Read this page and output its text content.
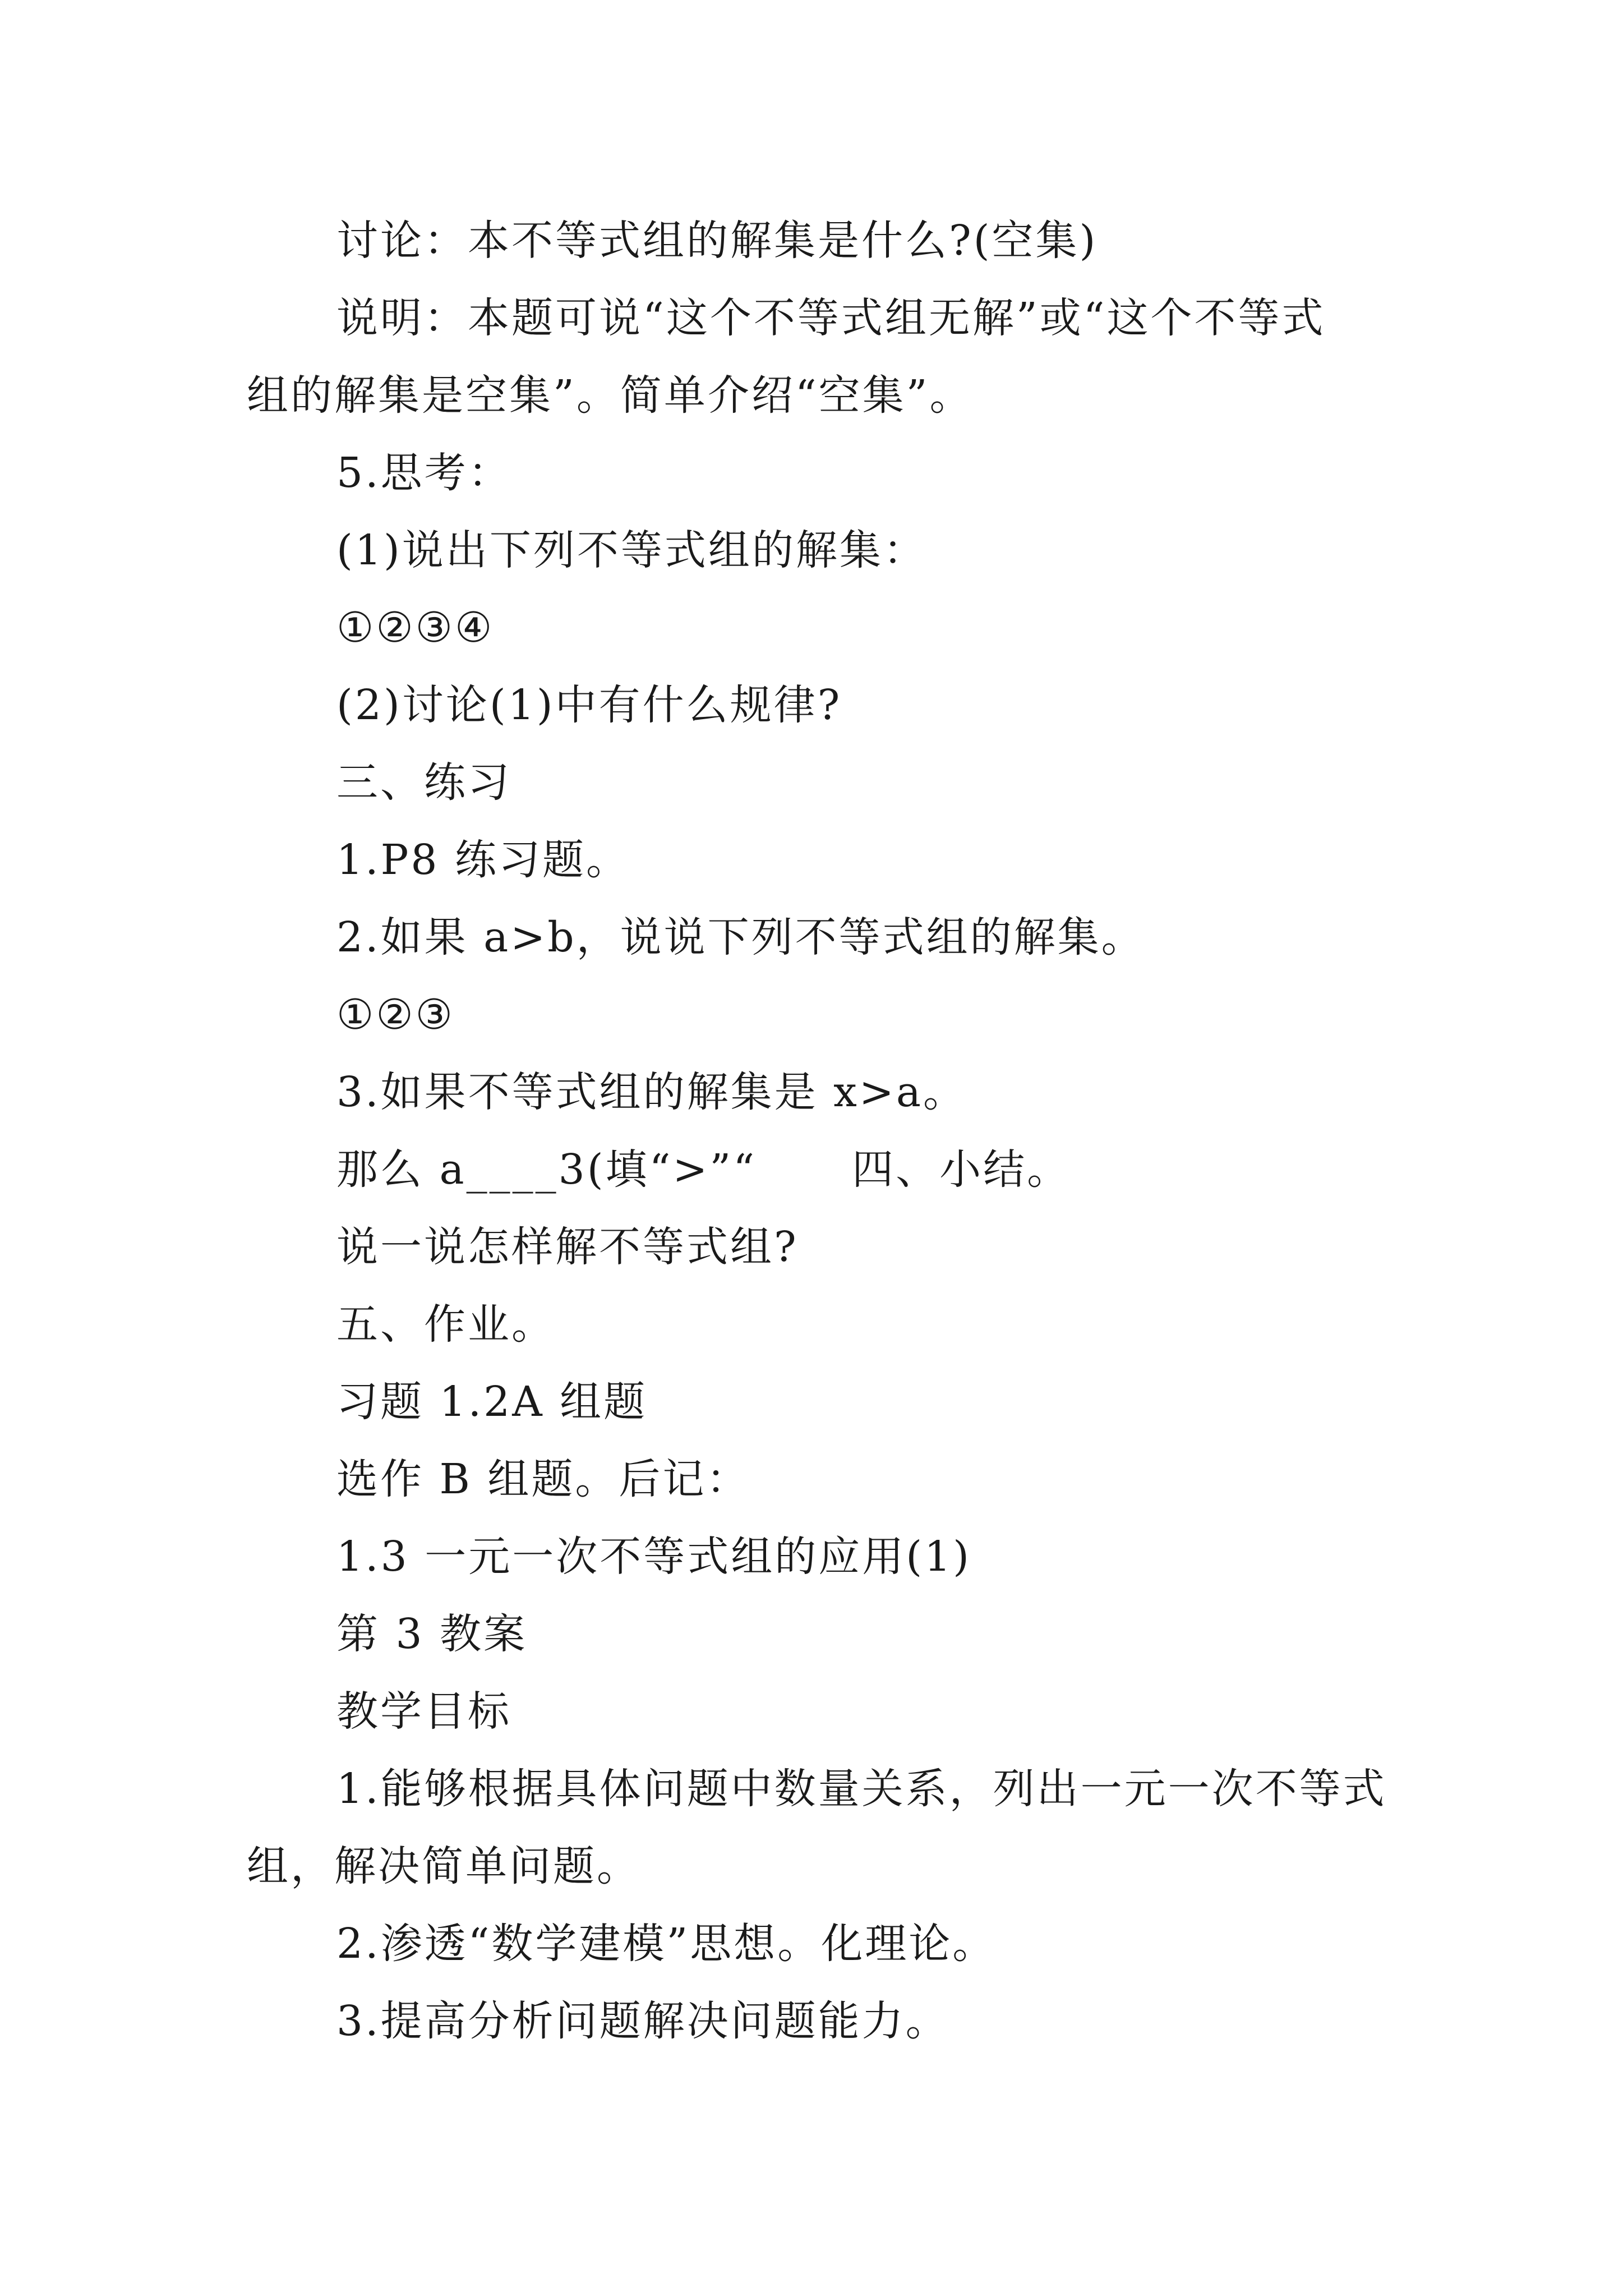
讨论：本不等式组的解集是什么?(空集)
说明：本题可说“这个不等式组无解”或“这个不等式
组的解集是空集”。简单介绍“空集”。
5.思考：
(1)说出下列不等式组的解集：
①②③④
(2)讨论(1)中有什么规律?
三、练习
1.P8 练习题。
2.如果 a>b，说说下列不等式组的解集。
①②③
3.如果不等式组的解集是 x>a。
那么 a____3(填“>”“ 四、小结。
说一说怎样解不等式组?
五、作业。
习题 1.2A 组题
选作 B 组题。后记：
1.3 一元一次不等式组的应用(1)
第 3 教案
教学目标
1.能够根据具体问题中数量关系，列出一元一次不等式
组，解决简单问题。
2.渗透“数学建模”思想。化理论。
3.提高分析问题解决问题能力。
